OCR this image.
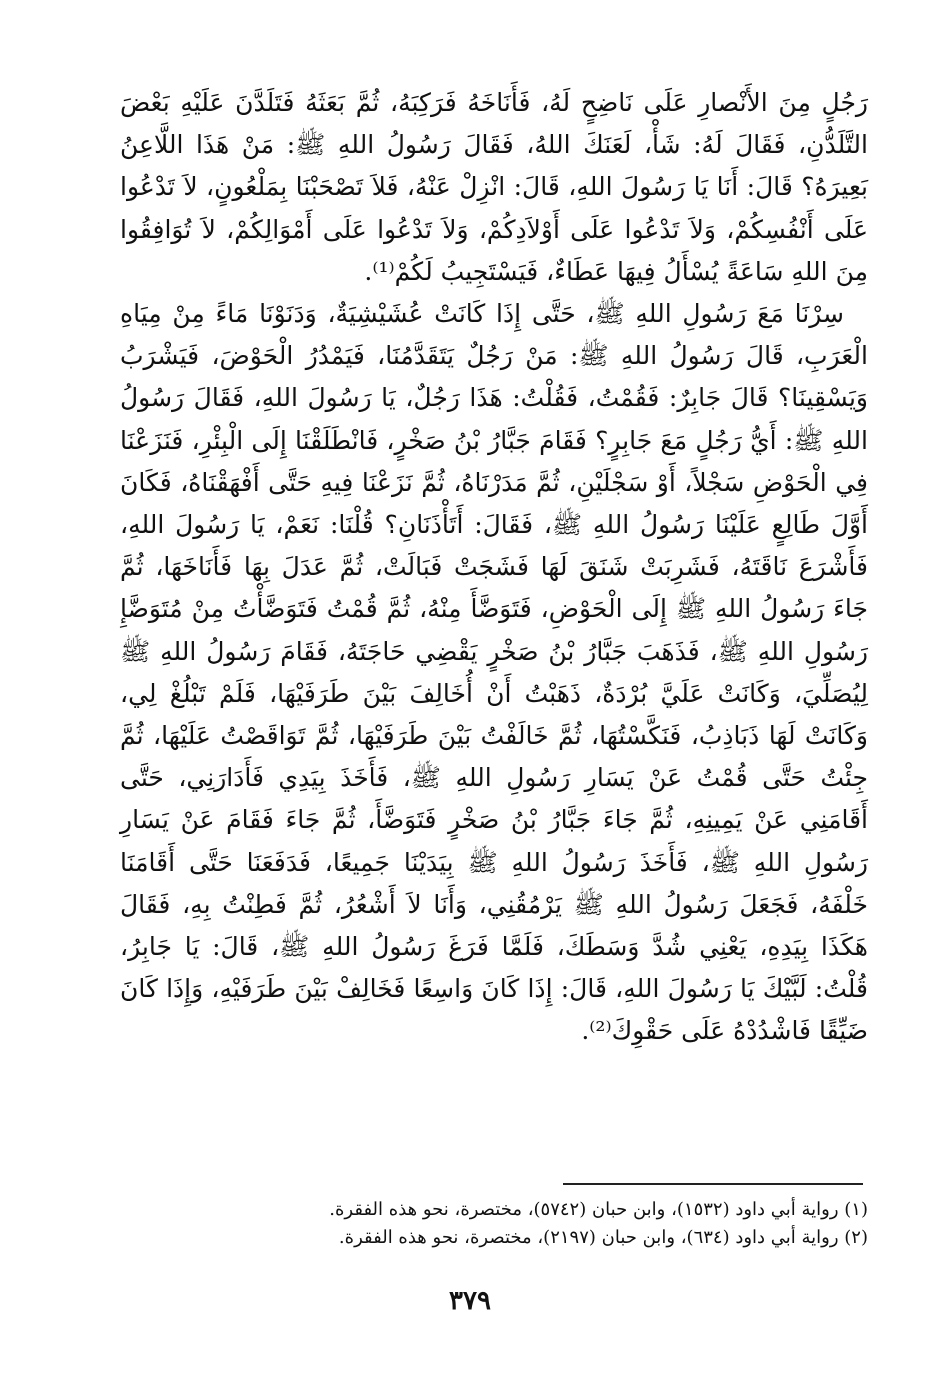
رَجُلٍ مِنَ الأَنْصارِ عَلَى نَاضِحٍ لَهُ، فَأَنَاخَهُ فَرَكِبَهُ، ثُمَّ بَعَثَهُ فَتَلَدَّنَ عَلَيْهِ بَعْضَ التَّلَدُّنِ، فَقَالَ لَهُ: شَأْ، لَعَنَكَ اللهُ، فَقَالَ رَسُولُ اللهِ ﷺ: مَنْ هَذَا اللَّاعِنُ بَعِيرَهُ؟ قَالَ: أَنَا يَا رَسُولَ اللهِ، قَالَ: انْزِلْ عَنْهُ، فَلاَ تَصْحَبْنَا بِمَلْعُونٍ، لاَ تَدْعُوا عَلَى أَنْفُسِكُمْ، وَلاَ تَدْعُوا عَلَى أَوْلاَدِكُمْ، وَلاَ تَدْعُوا عَلَى أَمْوَالِكُمْ، لاَ تُوَافِقُوا مِنَ اللهِ سَاعَةً يُسْأَلُ فِيهَا عَطَاءٌ، فَيَسْتَجِيبُ لَكُمْ⁽¹⁾.

سِرْنَا مَعَ رَسُولِ اللهِ ﷺ، حَتَّى إِذَا كَانَتْ عُشَيْشِيَةٌ، وَدَنَوْنَا مَاءً مِنْ مِيَاهِ الْعَرَبِ، قَالَ رَسُولُ اللهِ ﷺ: مَنْ رَجُلٌ يَتَقَدَّمُنَا، فَيَمْدُرُ الْحَوْضَ، فَيَشْرَبُ وَيَسْقِينَا؟ قَالَ جَابِرٌ: فَقُمْتُ، فَقُلْتُ: هَذَا رَجُلٌ، يَا رَسُولَ اللهِ، فَقَالَ رَسُولُ اللهِ ﷺ: أَيُّ رَجُلٍ مَعَ جَابِرٍ؟ فَقَامَ جَبَّارُ بْنُ صَخْرٍ، فَانْطَلَقْنَا إِلَى الْبِئْرِ، فَنَزَعْنَا فِي الْحَوْضِ سَجْلاً، أَوْ سَجْلَيْنِ، ثُمَّ مَدَرْنَاهُ، ثُمَّ نَزَعْنَا فِيهِ حَتَّى أَفْهَقْنَاهُ، فَكَانَ أَوَّلَ طَالِعٍ عَلَيْنَا رَسُولُ اللهِ ﷺ، فَقَالَ: أَتَأْذَنَانِ؟ قُلْنَا: نَعَمْ، يَا رَسُولَ اللهِ، فَأَشْرَعَ نَاقَتَهُ، فَشَرِبَتْ شَنَقَ لَهَا فَشَجَتْ فَبَالَتْ، ثُمَّ عَدَلَ بِهَا فَأَنَاخَهَا، ثُمَّ جَاءَ رَسُولُ اللهِ ﷺ إِلَى الْحَوْضِ، فَتَوَضَّأَ مِنْهُ، ثُمَّ قُمْتُ فَتَوَضَّأْتُ مِنْ مُتَوَضَّإِ رَسُولِ اللهِ ﷺ، فَذَهَبَ جَبَّارُ بْنُ صَخْرٍ يَقْضِي حَاجَتَهُ، فَقَامَ رَسُولُ اللهِ ﷺ لِيُصَلِّيَ، وَكَانَتْ عَلَيَّ بُرْدَةٌ، ذَهَبْتُ أَنْ أُخَالِفَ بَيْنَ طَرَفَيْهَا، فَلَمْ تَبْلُغْ لِي، وَكَانَتْ لَهَا ذَبَاذِبُ، فَنَكَّسْتُهَا، ثُمَّ خَالَفْتُ بَيْنَ طَرَفَيْهَا، ثُمَّ تَوَاقَصْتُ عَلَيْهَا، ثُمَّ جِئْتُ حَتَّى قُمْتُ عَنْ يَسَارِ رَسُولِ اللهِ ﷺ، فَأَخَذَ بِيَدِي فَأَدَارَنِي، حَتَّى أَقَامَنِي عَنْ يَمِينِهِ، ثُمَّ جَاءَ جَبَّارُ بْنُ صَخْرٍ فَتَوَضَّأَ، ثُمَّ جَاءَ فَقَامَ عَنْ يَسَارِ رَسُولِ اللهِ ﷺ، فَأَخَذَ رَسُولُ اللهِ ﷺ بِيَدَيْنَا جَمِيعًا، فَدَفَعَنَا حَتَّى أَقَامَنَا خَلْفَهُ، فَجَعَلَ رَسُولُ اللهِ ﷺ يَرْمُقُنِي، وَأَنَا لاَ أَشْعُرُ، ثُمَّ فَطِنْتُ بِهِ، فَقَالَ هَكَذَا بِيَدِهِ، يَعْنِي شُدَّ وَسَطَكَ، فَلَمَّا فَرَغَ رَسُولُ اللهِ ﷺ، قَالَ: يَا جَابِرُ، قُلْتُ: لَبَّيْكَ يَا رَسُولَ اللهِ، قَالَ: إِذَا كَانَ وَاسِعًا فَخَالِفْ بَيْنَ طَرَفَيْهِ، وَإِذَا كَانَ ضَيِّقًا فَاشْدُدْهُ عَلَى حَقْوِكَ⁽²⁾.

(١) رواية أبي داود (١٥٣٢)، وابن حبان (٥٧٤٢)، مختصرة، نحو هذه الفقرة.

(٢) رواية أبي داود (٦٣٤)، وابن حبان (٢١٩٧)، مختصرة، نحو هذه الفقرة.

٣٧٩
